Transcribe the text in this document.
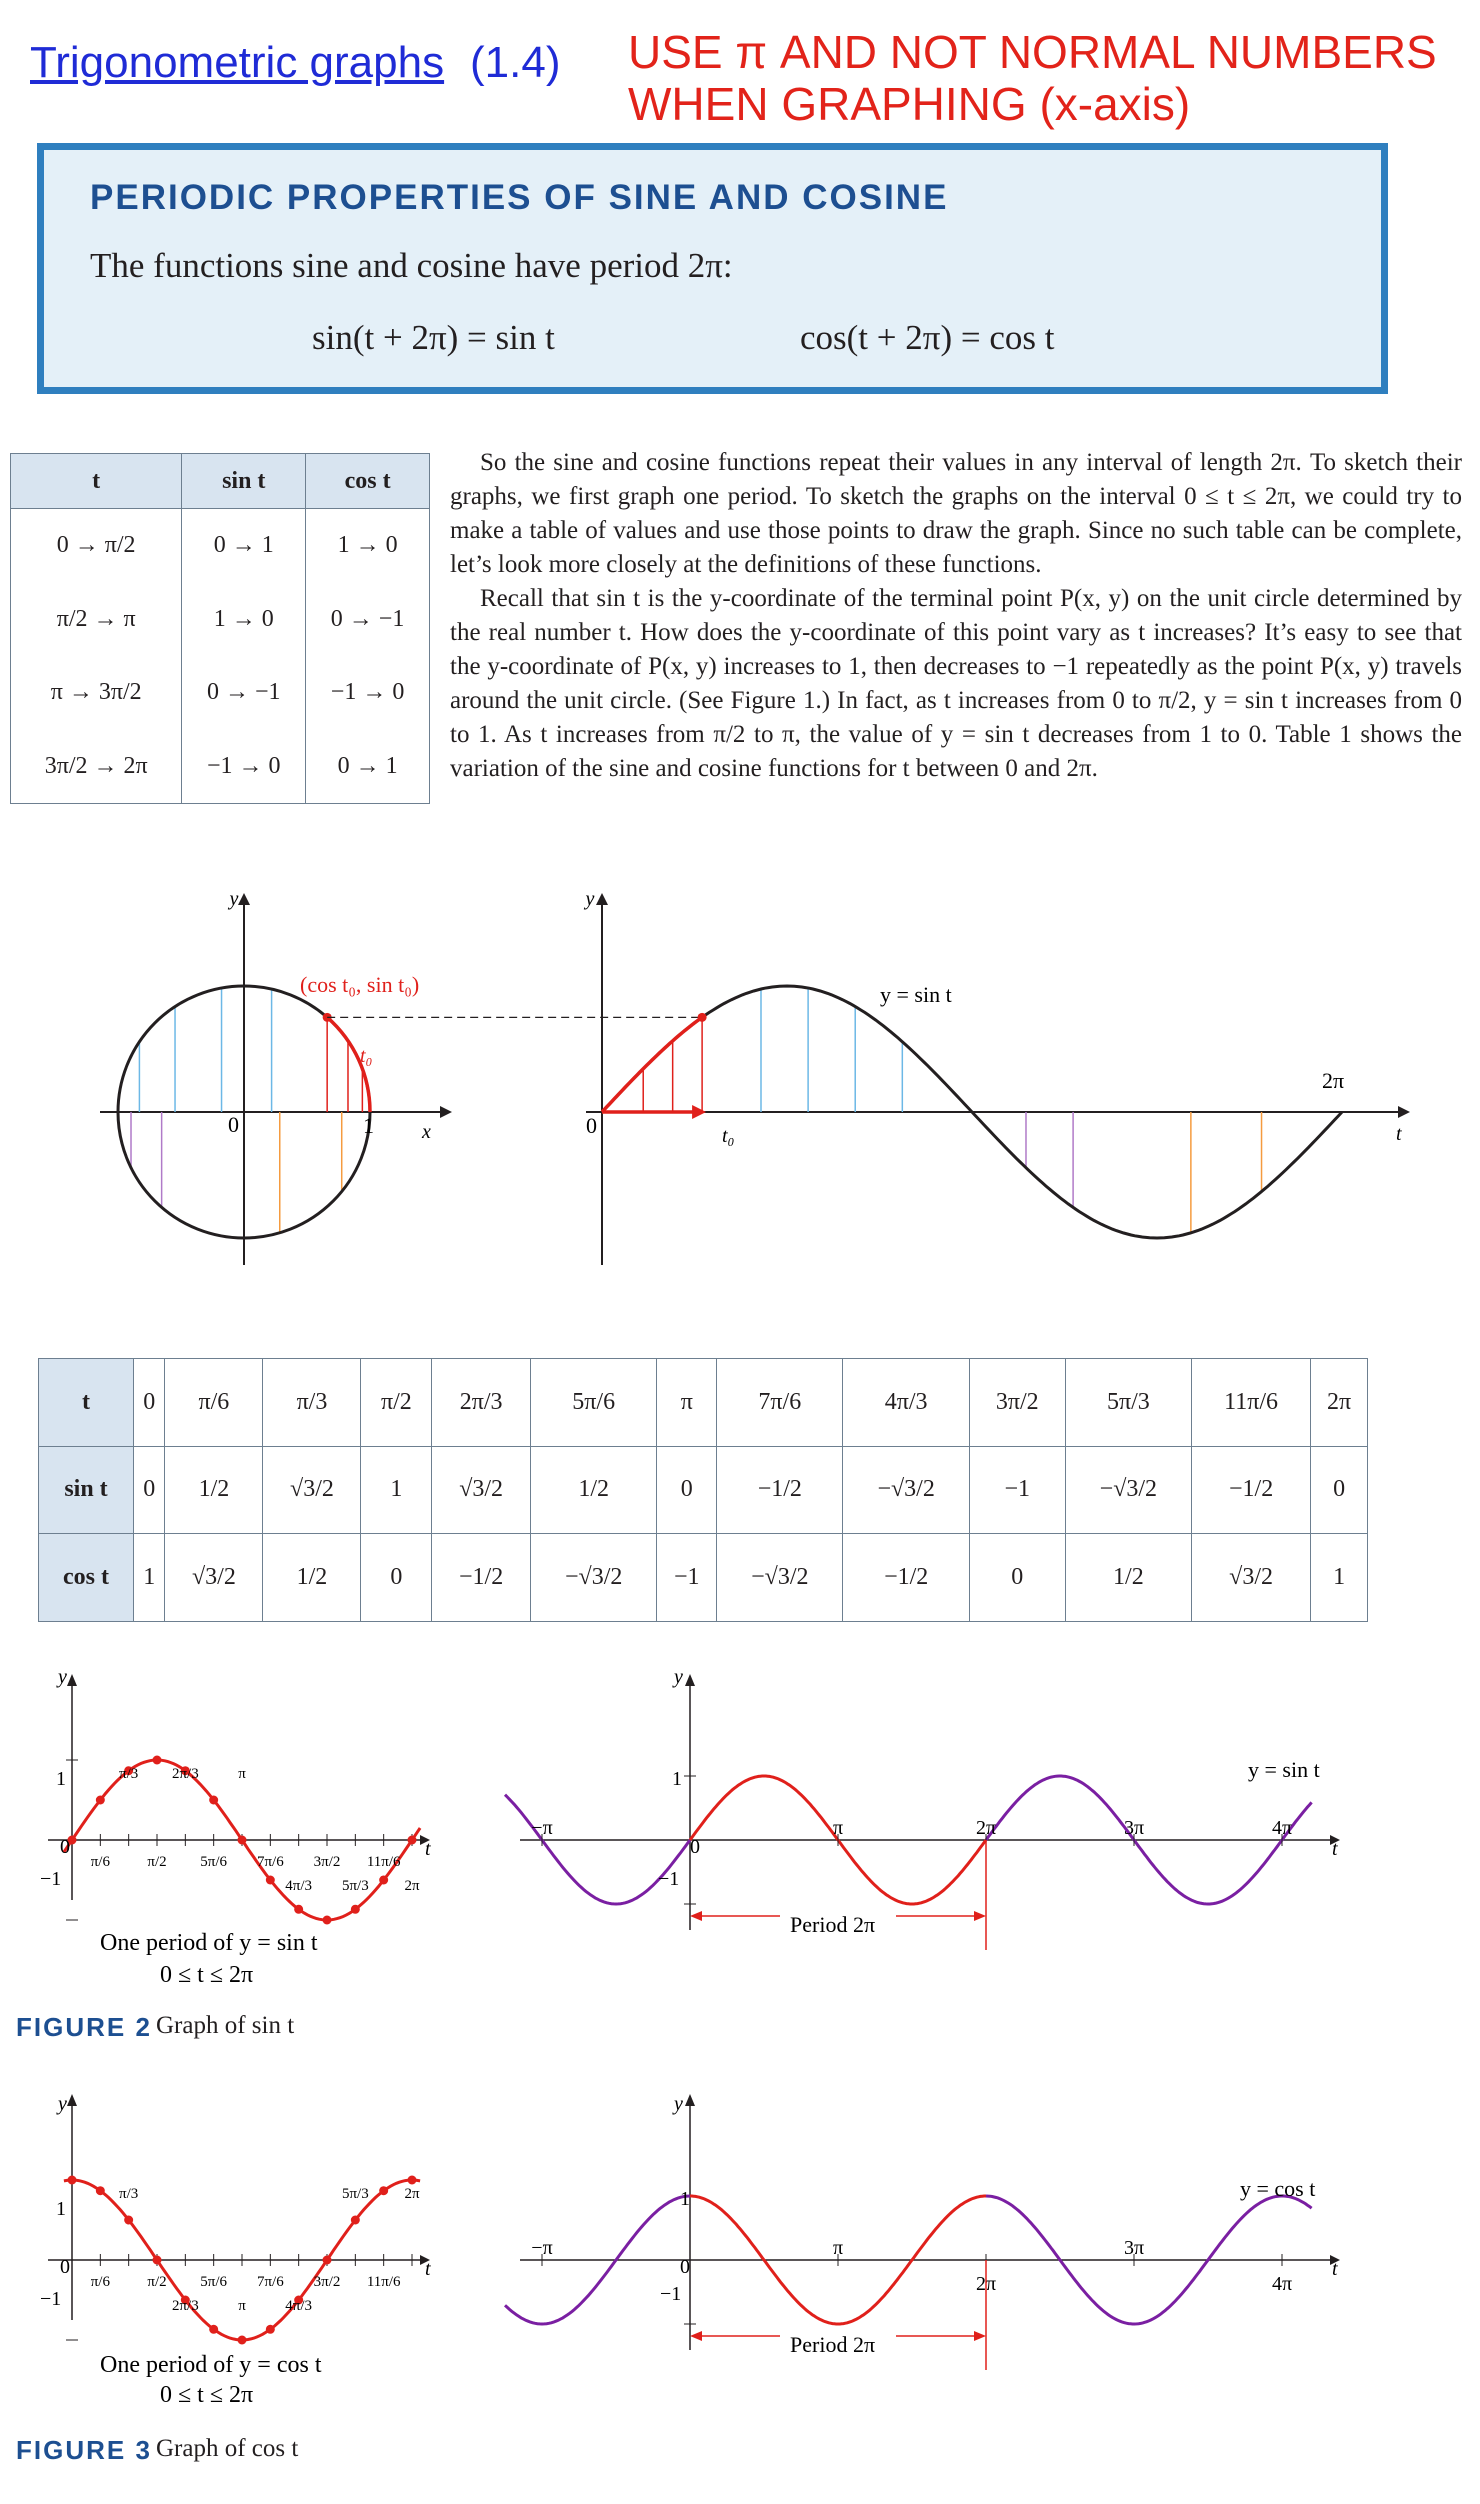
Trigonometric graphs (1.4) USE π AND NOT NORMAL NUMBERS
WHEN GRAPHING (x-axis)
PERIODIC PROPERTIES OF SINE AND COSINE
The functions sine and cosine have period 2π:
sin(t + 2π) = sin t	cos(t + 2π) = cos t
t	sin t	cos t
0 → π/2	0 → 1	1 → 0
π/2 → π	1 → 0	0 → −1
π → 3π/2	0 → −1	−1 → 0
3π/2 → 2π	−1 → 0	0 → 1

So the sine and cosine functions repeat their values in any interval of length 2π. To sketch their graphs, we first graph one period. To sketch the graphs on the interval 0 ≤ t ≤ 2π, we could try to make a table of values and use those points to draw the graph. Since no such table can be complete, let’s look more closely at the definitions of these functions.

Recall that sin t is the y-coordinate of the terminal point P(x, y) on the unit circle determined by the real number t. How does the y-coordinate of this point vary as t increases? It’s easy to see that the y-coordinate of P(x, y) increases to 1, then decreases to −1 repeatedly as the point P(x, y) travels around the unit circle. (See Figure 1.) In fact, as t increases from 0 to π/2, y = sin t increases from 0 to 1. As t increases from π/2 to π, the value of y = sin t decreases from 1 to 0. Table 1 shows the variation of the sine and cosine functions for t between 0 and 2π.

y
x
0	1
(cos t₀, sin t₀)
t₀
y
t
0	t₀
2π
y = sin t
t	0	π/6	π/3	π/2	2π/3	5π/6	π	7π/6	4π/3	3π/2	5π/3	11π/6	2π
sin t	0	1/2	√3/2	1	√3/2	1/2	0	−1/2	−√3/2	−1	−√3/2	−1/2	0
cos t	1	√3/2	1/2	0	−1/2	−√3/2	−1	−√3/2	−1/2	0	1/2	√3/2	1
π/6
π/3
π/2
2π/3
5π/6
π
7π/6
4π/3
3π/2
5π/3
11π/6
2π
−π	π	2π	3π	4π
y
t
1
−1
0
One period of y = sin t
0 ≤ t ≤ 2π
y = sin t
Period 2π
y
t
1
−1
0
FIGURE 2 Graph of sin t
π/6
π/3
π/2
2π/3
5π/6
π
7π/6
4π/3
3π/2
5π/3
11π/6
2π
−π	π
2π
3π
4π
y
t
1
−1
0
One period of y = cos t
0 ≤ t ≤ 2π
y = cos t
Period 2π
y
t
1
−1
0
FIGURE 3 Graph of cos t
